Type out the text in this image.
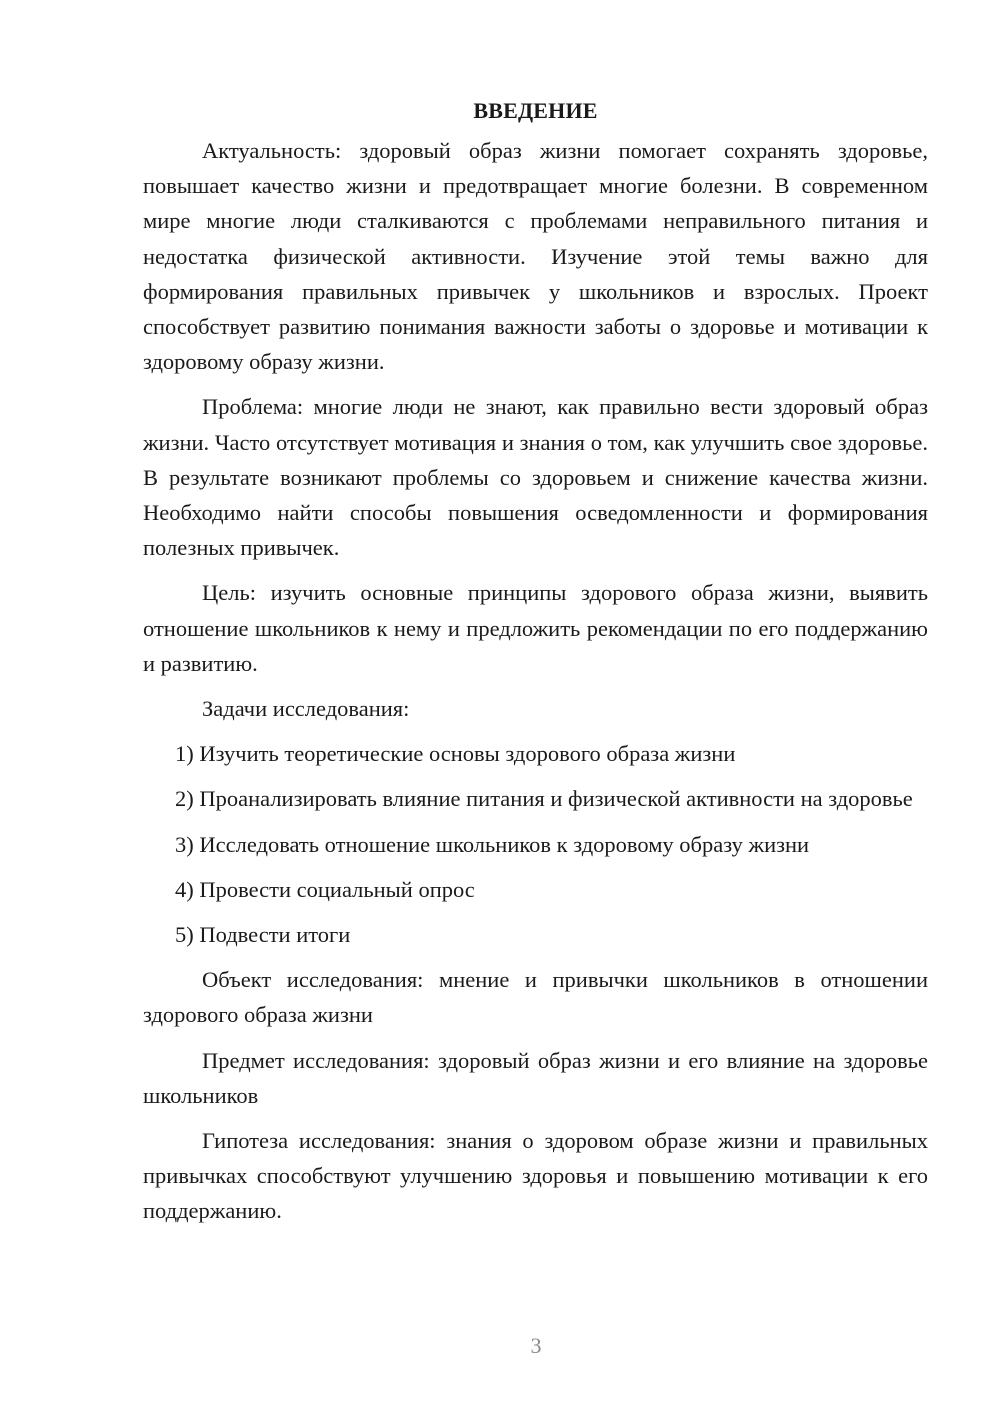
ВВЕДЕНИЕ

Актуальность: здоровый образ жизни помогает сохранять здоровье, повышает качество жизни и предотвращает многие болезни. В современном мире многие люди сталкиваются с проблемами неправильного питания и недостатка физической активности. Изучение этой темы важно для формирования правильных привычек у школьников и взрослых. Проект способствует развитию понимания важности заботы о здоровье и мотивации к здоровому образу жизни.

Проблема: многие люди не знают, как правильно вести здоровый образ жизни. Часто отсутствует мотивация и знания о том, как улучшить свое здоровье. В результате возникают проблемы со здоровьем и снижение качества жизни. Необходимо найти способы повышения осведомленности и формирования полезных привычек.

Цель: изучить основные принципы здорового образа жизни, выявить отношение школьников к нему и предложить рекомендации по его поддержанию и развитию.

Задачи исследования:

1) Изучить теоретические основы здорового образа жизни

2) Проанализировать влияние питания и физической активности на здоровье

3) Исследовать отношение школьников к здоровому образу жизни

4) Провести социальный опрос

5) Подвести итоги

Объект исследования: мнение и привычки школьников в отношении здорового образа жизни

Предмет исследования: здоровый образ жизни и его влияние на здоровье школьников

Гипотеза исследования: знания о здоровом образе жизни и правильных привычках способствуют улучшению здоровья и повышению мотивации к его поддержанию.

3
